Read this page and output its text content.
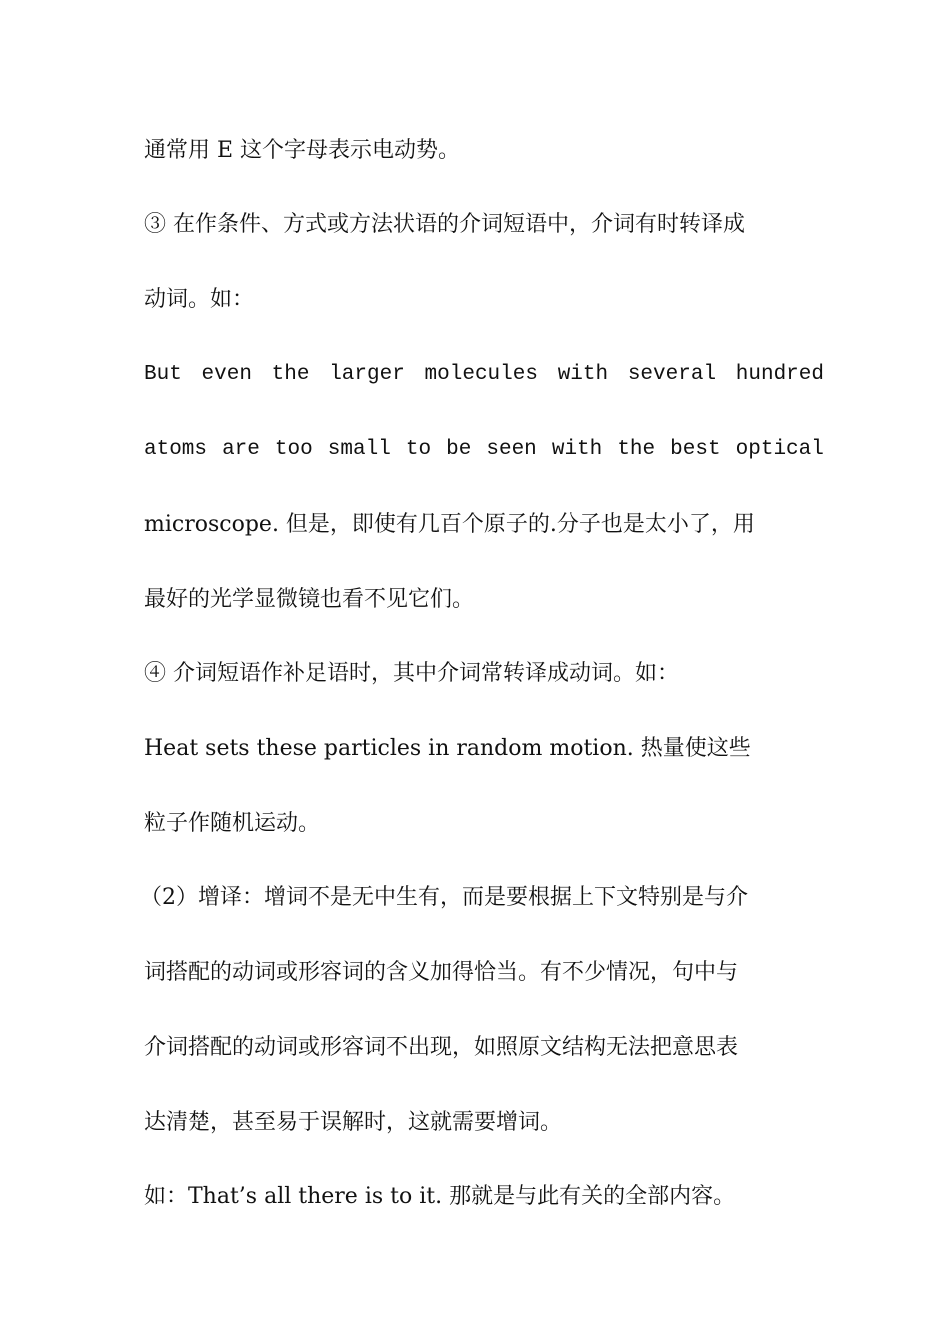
通常用 E 这个字母表示电动势。
③ 在作条件、方式或方法状语的介词短语中，介词有时转译成
动词。如：
But even the larger molecules with several hundred
atoms are too small to be seen with the best optical
microscope. 但是，即使有几百个原子的.分子也是太小了，用
最好的光学显微镜也看不见它们。
④ 介词短语作补足语时，其中介词常转译成动词。如：
Heat sets these particles in random motion. 热量使这些
粒子作随机运动。
（2）增译：增词不是无中生有，而是要根据上下文特别是与介
词搭配的动词或形容词的含义加得恰当。有不少情况，句中与
介词搭配的动词或形容词不出现，如照原文结构无法把意思表
达清楚，甚至易于误解时，这就需要增词。
如：That’s all there is to it. 那就是与此有关的全部内容。
